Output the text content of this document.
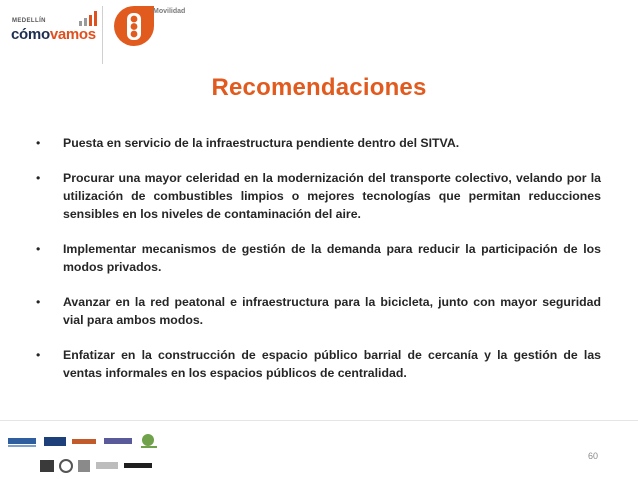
MEDELLÍN
cómovamos
Movilidad
Recomendaciones
• Puesta en servicio de la infraestructura pendiente dentro del SITVA.
• Procurar una mayor celeridad en la modernización del transporte colectivo, velando por la utilización de combustibles limpios o mejores tecnologías que permitan reducciones sensibles en los niveles de contaminación del aire.
• Implementar mecanismos de gestión de la demanda para reducir la participación de los modos privados.
• Avanzar en la red peatonal e infraestructura para la bicicleta, junto con mayor seguridad vial para ambos modos.
• Enfatizar en la construcción de espacio público barrial de cercanía y la gestión de las ventas informales en los espacios públicos de centralidad.
60
